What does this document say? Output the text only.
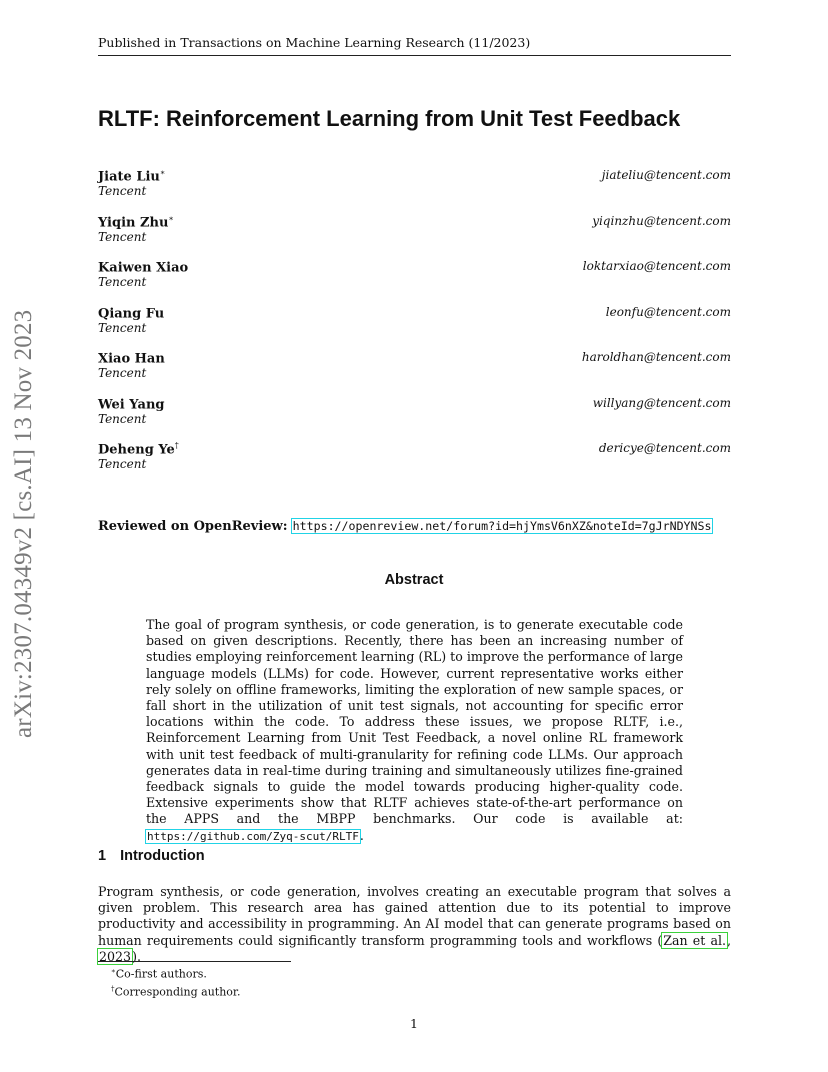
Published in Transactions on Machine Learning Research (11/2023)
arXiv:2307.04349v2 [cs.AI] 13 Nov 2023
RLTF: Reinforcement Learning from Unit Test Feedback
Jiate Liu∗
Tencent
jiateliu@tencent.com
Yiqin Zhu∗
Tencent
yiqinzhu@tencent.com
Kaiwen Xiao
Tencent
loktarxiao@tencent.com
Qiang Fu
Tencent
leonfu@tencent.com
Xiao Han
Tencent
haroldhan@tencent.com
Wei Yang
Tencent
willyang@tencent.com
Deheng Ye†
Tencent
dericye@tencent.com
Reviewed on OpenReview: https://openreview.net/forum?id=hjYmsV6nXZ&noteId=7gJrNDYNSs
Abstract

The goal of program synthesis, or code generation, is to generate executable code based on given descriptions. Recently, there has been an increasing number of studies employing reinforcement learning (RL) to improve the performance of large language models (LLMs) for code. However, current representative works either rely solely on offline frameworks, limiting the exploration of new sample spaces, or fall short in the utilization of unit test signals, not accounting for specific error locations within the code. To address these issues, we propose RLTF, i.e., Reinforcement Learning from Unit Test Feedback, a novel online RL framework with unit test feedback of multi-granularity for refining code LLMs. Our approach generates data in real-time during training and simultaneously utilizes fine-grained feedback signals to guide the model towards producing higher-quality code. Extensive experiments show that RLTF achieves state-of-the-art performance on the APPS and the MBPP benchmarks. Our code is available at: https://github.com/Zyq-scut/RLTF.

1 Introduction

Program synthesis, or code generation, involves creating an executable program that solves a given problem. This research area has gained attention due to its potential to improve productivity and accessibility in programming. An AI model that can generate programs based on human requirements could significantly transform programming tools and workflows (Zan et al., 2023).

∗Co-first authors.
†Corresponding author.
1
